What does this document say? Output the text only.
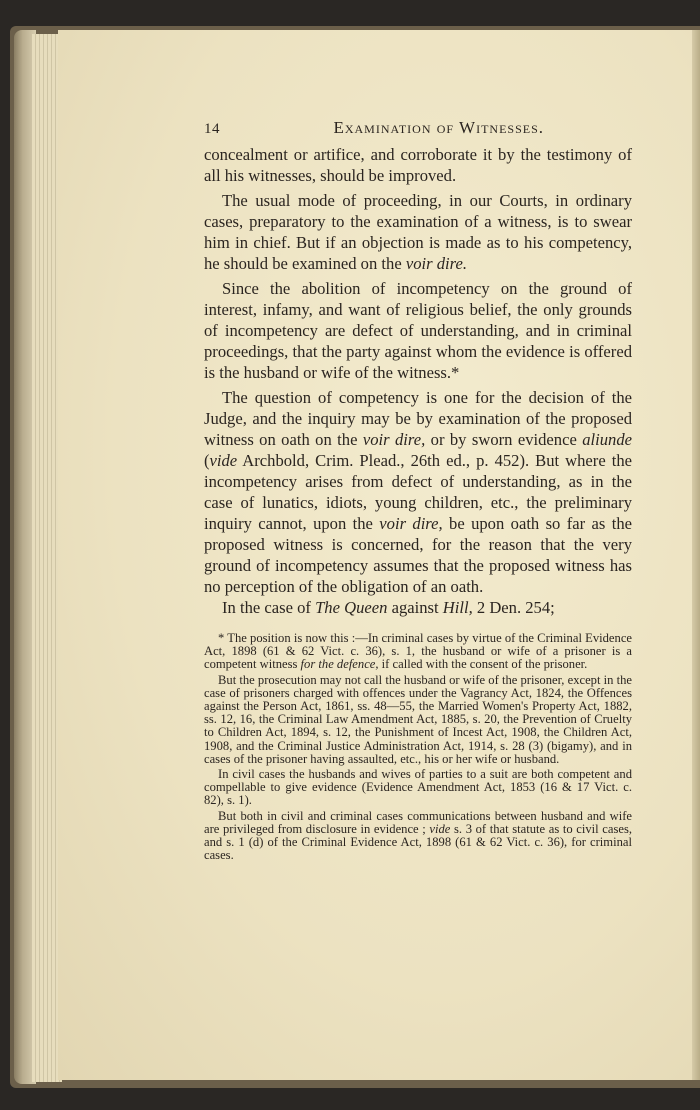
14	Examination of Witnesses.

concealment or artifice, and corroborate it by the testimony of all his witnesses, should be improved.

The usual mode of proceeding, in our Courts, in ordinary cases, preparatory to the examination of a witness, is to swear him in chief. But if an objection is made as to his competency, he should be examined on the voir dire.

Since the abolition of incompetency on the ground of interest, infamy, and want of religious belief, the only grounds of incompetency are defect of understanding, and in criminal proceedings, that the party against whom the evidence is offered is the husband or wife of the witness.*

The question of competency is one for the decision of the Judge, and the inquiry may be by examination of the proposed witness on oath on the voir dire, or by sworn evidence aliunde (vide Archbold, Crim. Plead., 26th ed., p. 452). But where the incompetency arises from defect of understanding, as in the case of lunatics, idiots, young children, etc., the preliminary inquiry cannot, upon the voir dire, be upon oath so far as the proposed witness is concerned, for the reason that the very ground of incompetency assumes that the proposed witness has no perception of the obligation of an oath.

In the case of The Queen against Hill, 2 Den. 254;

* The position is now this :—In criminal cases by virtue of the Criminal Evidence Act, 1898 (61 & 62 Vict. c. 36), s. 1, the husband or wife of a prisoner is a competent witness for the defence, if called with the consent of the prisoner.

But the prosecution may not call the husband or wife of the prisoner, except in the case of prisoners charged with offences under the Vagrancy Act, 1824, the Offences against the Person Act, 1861, ss. 48—55, the Married Women's Property Act, 1882, ss. 12, 16, the Criminal Law Amendment Act, 1885, s. 20, the Prevention of Cruelty to Children Act, 1894, s. 12, the Punishment of Incest Act, 1908, the Children Act, 1908, and the Criminal Justice Administration Act, 1914, s. 28 (3) (bigamy), and in cases of the prisoner having assaulted, etc., his or her wife or husband.

In civil cases the husbands and wives of parties to a suit are both competent and compellable to give evidence (Evidence Amendment Act, 1853 (16 & 17 Vict. c. 82), s. 1).

But both in civil and criminal cases communications between husband and wife are privileged from disclosure in evidence ; vide s. 3 of that statute as to civil cases, and s. 1 (d) of the Criminal Evidence Act, 1898 (61 & 62 Vict. c. 36), for criminal cases.
